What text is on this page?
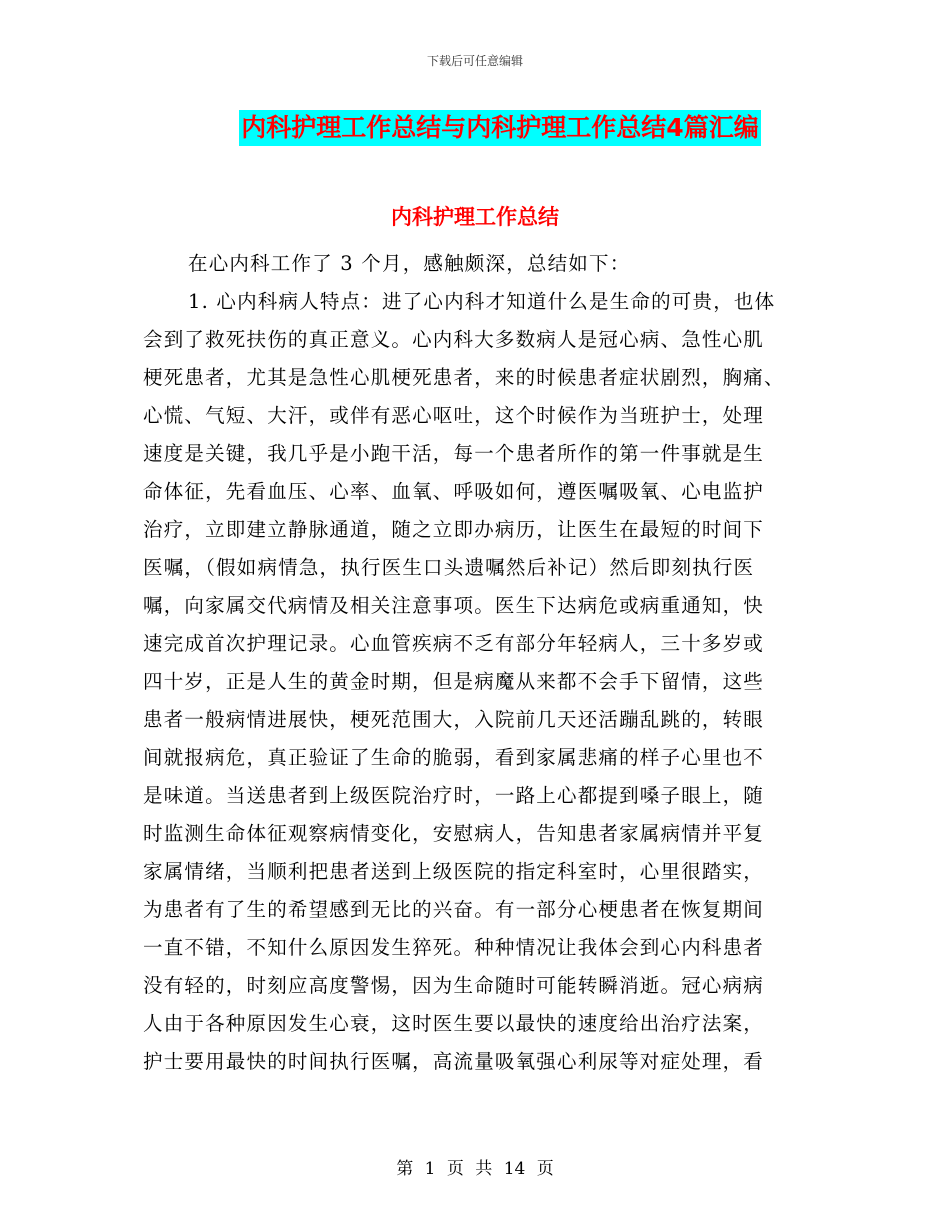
下载后可任意编辑
内科护理工作总结与内科护理工作总结4篇汇编
内科护理工作总结
在心内科工作了 3 个月，感触颇深，总结如下：
1. 心内科病人特点：进了心内科才知道什么是生命的可贵，也体
会到了救死扶伤的真正意义。心内科大多数病人是冠心病、急性心肌
梗死患者，尤其是急性心肌梗死患者，来的时候患者症状剧烈，胸痛、
心慌、气短、大汗，或伴有恶心呕吐，这个时候作为当班护士，处理
速度是关键，我几乎是小跑干活，每一个患者所作的第一件事就是生
命体征，先看血压、心率、血氧、呼吸如何，遵医嘱吸氧、心电监护
治疗，立即建立静脉通道，随之立即办病历，让医生在最短的时间下
医嘱，（假如病情急，执行医生口头遗嘱然后补记）然后即刻执行医
嘱，向家属交代病情及相关注意事项。医生下达病危或病重通知，快
速完成首次护理记录。心血管疾病不乏有部分年轻病人，三十多岁或
四十岁，正是人生的黄金时期，但是病魔从来都不会手下留情，这些
患者一般病情进展快，梗死范围大，入院前几天还活蹦乱跳的，转眼
间就报病危，真正验证了生命的脆弱，看到家属悲痛的样子心里也不
是味道。当送患者到上级医院治疗时，一路上心都提到嗓子眼上，随
时监测生命体征观察病情变化，安慰病人，告知患者家属病情并平复
家属情绪，当顺利把患者送到上级医院的指定科室时，心里很踏实，
为患者有了生的希望感到无比的兴奋。有一部分心梗患者在恢复期间
一直不错，不知什么原因发生猝死。种种情况让我体会到心内科患者
没有轻的，时刻应高度警惕，因为生命随时可能转瞬消逝。冠心病病
人由于各种原因发生心衰，这时医生要以最快的速度给出治疗法案，
护士要用最快的时间执行医嘱，高流量吸氧强心利尿等对症处理，看
第 1 页 共 14 页
